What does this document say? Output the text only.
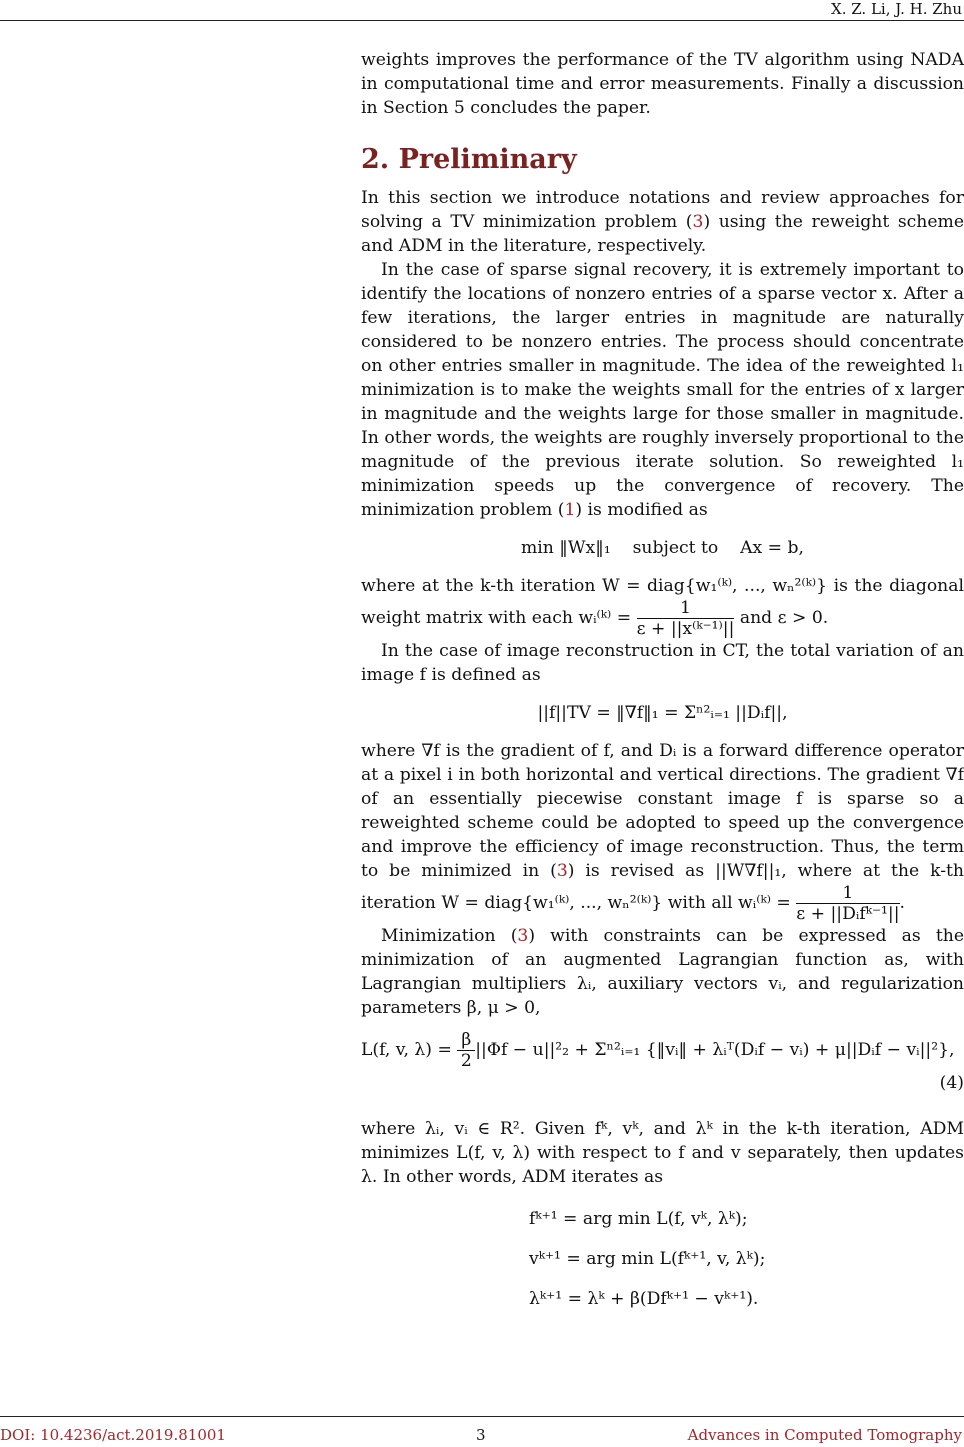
X. Z. Li, J. H. Zhu

weights improves the performance of the TV algorithm using NADA in computational time and error measurements. Finally a discussion in Section 5 concludes the paper.

2. Preliminary

In this section we introduce notations and review approaches for solving a TV minimization problem (3) using the reweight scheme and ADM in the literature, respectively.

In the case of sparse signal recovery, it is extremely important to identify the locations of nonzero entries of a sparse vector x. After a few iterations, the larger entries in magnitude are naturally considered to be nonzero entries. The process should concentrate on other entries smaller in magnitude. The idea of the reweighted l₁ minimization is to make the weights small for the entries of x larger in magnitude and the weights large for those smaller in magnitude. In other words, the weights are roughly inversely proportional to the magnitude of the previous iterate solution. So reweighted l₁ minimization speeds up the convergence of recovery. The minimization problem (1) is modified as

min ‖Wx‖₁ subject to Ax = b,

where at the k-th iteration W = diag{w₁⁽ᵏ⁾, ..., wₙ²⁽ᵏ⁾} is the diagonal weight matrix with each wᵢ⁽ᵏ⁾ = $\frac{1}{\text{ε + ||x⁽ᵏ⁻¹⁾||}}$ and ε > 0.

In the case of image reconstruction in CT, the total variation of an image f is defined as

||f||TV = ‖∇f‖₁ = Σⁿ²ᵢ₌₁ ||Dᵢf||,

where ∇f is the gradient of f, and Dᵢ is a forward difference operator at a pixel i in both horizontal and vertical directions. The gradient ∇f of an essentially piecewise constant image f is sparse so a reweighted scheme could be adopted to speed up the convergence and improve the efficiency of image reconstruction. Thus, the term to be minimized in (3) is revised as ||W∇f||₁, where at the k-th iteration W = diag{w₁⁽ᵏ⁾, ..., wₙ²⁽ᵏ⁾} with all wᵢ⁽ᵏ⁾ = $\frac{1}{\text{ε + ||Dᵢfᵏ⁻¹||}}$ .

Minimization (3) with constraints can be expressed as the minimization of an augmented Lagrangian function as, with Lagrangian multipliers λᵢ, auxiliary vectors vᵢ, and regularization parameters β, μ > 0,

L(f, v, $\lambda) = \frac{\beta}{2} ||\Phi f - u||^2_2$ + Σⁿ²ᵢ₌₁ {‖vᵢ‖ + λᵢᵀ(Dᵢf − vᵢ) + μ||Dᵢf − vᵢ||²},
(4)

where λᵢ, vᵢ ∈ R². Given fᵏ, vᵏ, and λᵏ in the k-th iteration, ADM minimizes L(f, v, λ) with respect to f and v separately, then updates λ. In other words, ADM iterates as

fᵏ⁺¹ = arg min L(f, vᵏ, λᵏ);
vᵏ⁺¹ = arg min L(fᵏ⁺¹, v, λᵏ);
λᵏ⁺¹ = λᵏ + β(Dfᵏ⁺¹ − vᵏ⁺¹).
DOI: 10.4236/act.2019.81001	3	Advances in Computed Tomography
